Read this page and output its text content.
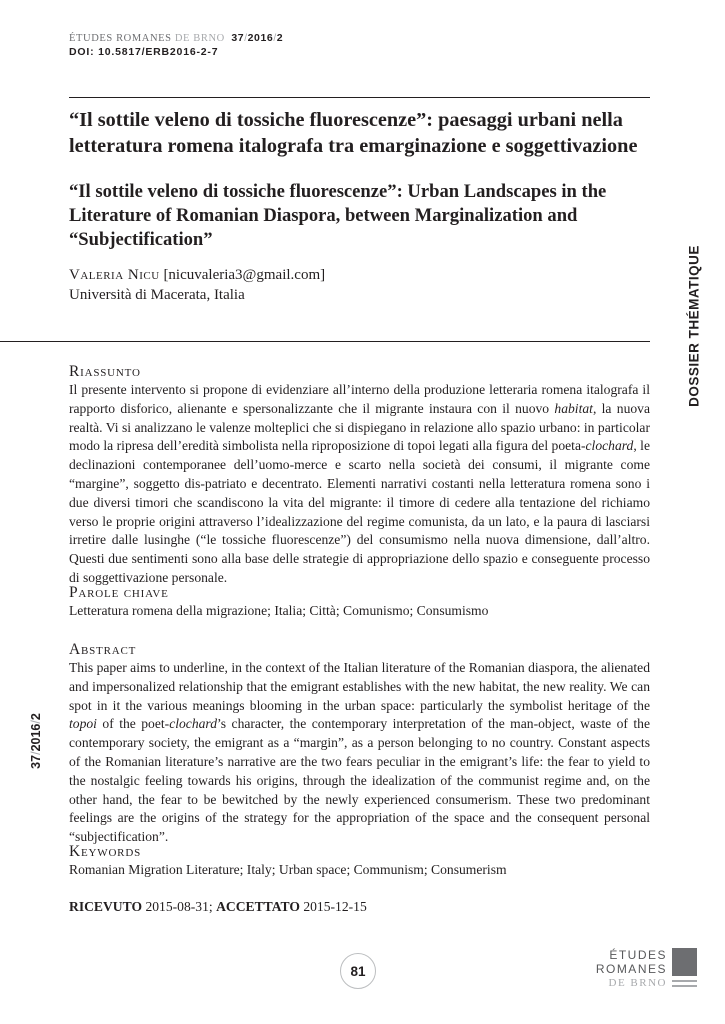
ÉTUDES ROMANES DE BRNO 37/2016/2
DOI: 10.5817/ERB2016-2-7
“Il sottile veleno di tossiche fluorescenze”: paesaggi urbani nella letteratura romena italografa tra emarginazione e soggettivazione
“Il sottile veleno di tossiche fluorescenze”: Urban Landscapes in the Literature of Romanian Diaspora, between Marginalization and “Subjectification”
Valeria Nicu [nicuvaleria3@gmail.com]
Università di Macerata, Italia
Riassunto
Il presente intervento si propone di evidenziare all’interno della produzione letteraria romena italografa il rapporto disforico, alienante e spersonalizzante che il migrante instaura con il nuovo habitat, la nuova realtà. Vi si analizzano le valenze molteplici che si dispiegano in relazione allo spazio urbano: in particolar modo la ripresa dell’eredità simbolista nella riproposizione di topoi legati alla figura del poeta-clochard, le declinazioni contemporanee dell’uomo-merce e scarto nella società dei consumi, il migrante come “margine”, soggetto dis-patriato e decentrato. Elementi narrativi costanti nella letteratura romena sono i due diversi timori che scandiscono la vita del migrante: il timore di cedere alla tentazione del richiamo verso le proprie origini attraverso l’idealizzazione del regime comunista, da un lato, e la paura di lasciarsi irretire dalle lusinghe (“le tossiche fluorescenze”) del consumismo nella nuova dimensione, dall’altro. Questi due sentimenti sono alla base delle strategie di appropriazione dello spazio e conseguente processo di soggettivazione personale.
Parole chiave
Letteratura romena della migrazione; Italia; Città; Comunismo; Consumismo
Abstract
This paper aims to underline, in the context of the Italian literature of the Romanian diaspora, the alienated and impersonalized relationship that the emigrant establishes with the new habitat, the new reality. We can spot in it the various meanings blooming in the urban space: particularly the symbolist heritage of the topoi of the poet-clochard’s character, the contemporary interpretation of the man-object, waste of the contemporary society, the emigrant as a “margin”, as a person belonging to no country. Constant aspects of the Romanian literature’s narrative are the two fears peculiar in the emigrant’s life: the fear to yield to the nostalgic feeling towards his origins, through the idealization of the communist regime and, on the other hand, the fear to be bewitched by the newly experienced consumerism. These two predominant feelings are the origins of the strategy for the appropriation of the space and the consequent personal “subjectification”.
Keywords
Romanian Migration Literature; Italy; Urban space; Communism; Consumerism
RICEVUTO 2015-08-31; ACCETTATO 2015-12-15
DOSSIER THÉMATIQUE
37/2016/2
81
ÉTUDES
ROMANES
DE BRNO
